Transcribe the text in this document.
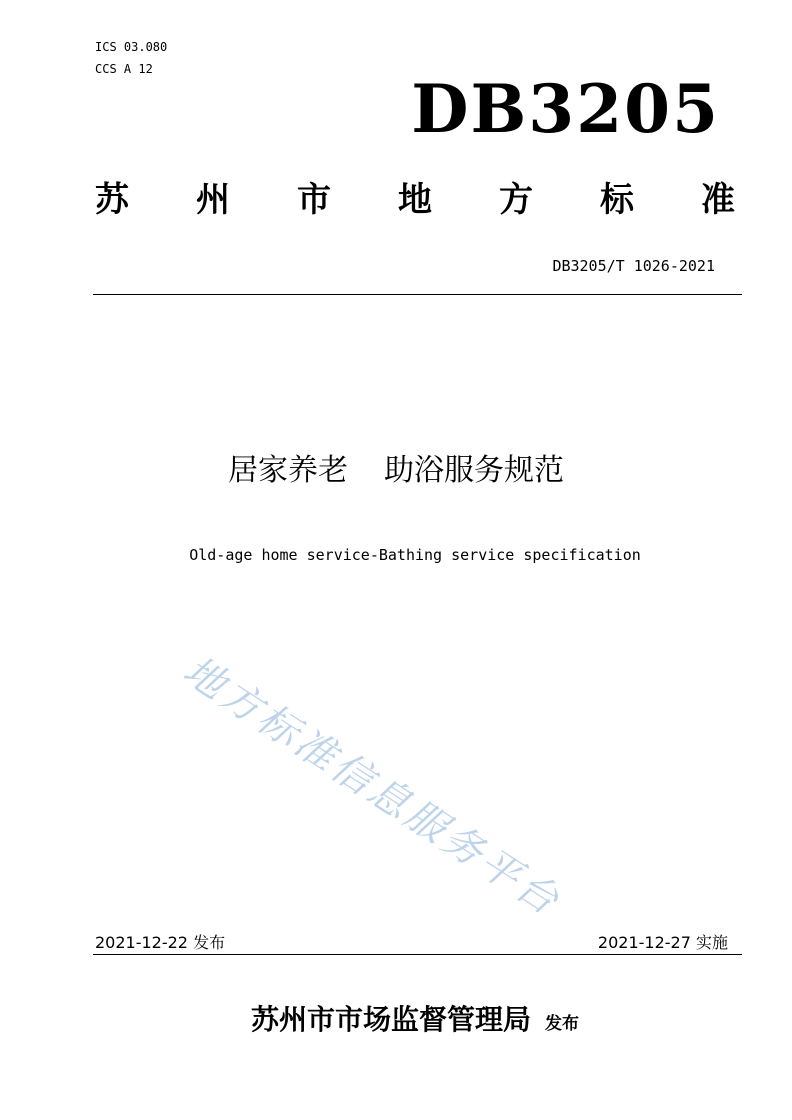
ICS 03.080
CCS A 12
DB3205
苏 州 市 地 方 标 准
DB3205/T 1026-2021
居家养老 助浴服务规范
Old-age home service-Bathing service specification
地方标准信息服务平台
2021-12-22 发布	2021-12-27 实施
苏州市市场监督管理局 发布
